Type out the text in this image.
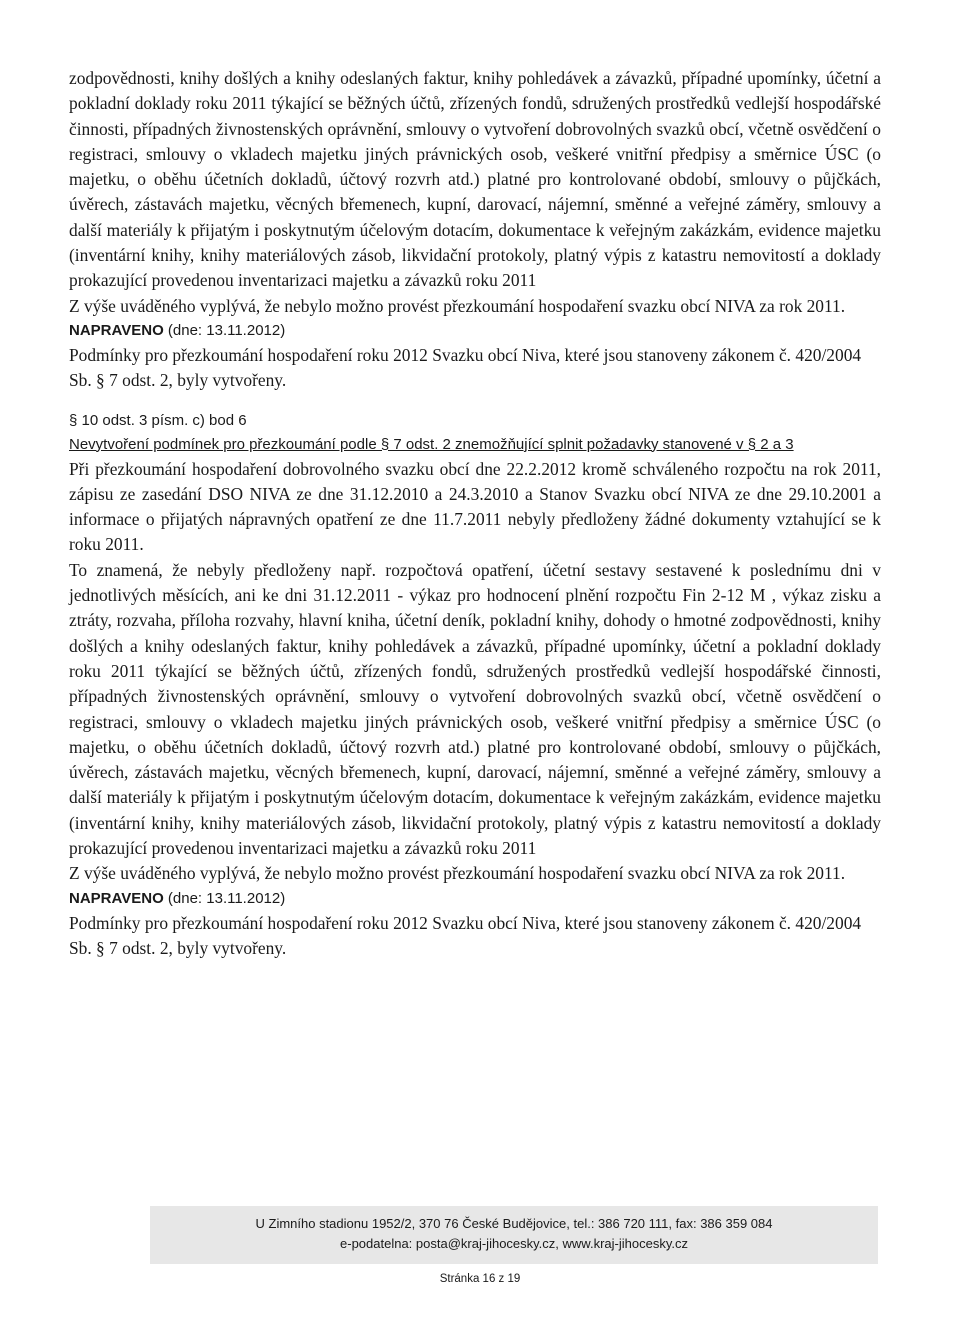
zodpovědnosti, knihy došlých a knihy odeslaných faktur, knihy pohledávek a závazků, případné upomínky, účetní a pokladní doklady roku 2011 týkající se běžných účtů, zřízených fondů, sdružených prostředků vedlejší hospodářské činnosti, případných živnostenských oprávnění, smlouvy o vytvoření dobrovolných svazků obcí, včetně osvědčení o registraci, smlouvy o vkladech majetku jiných právnických osob, veškeré vnitřní předpisy a směrnice ÚSC (o majetku, o oběhu účetních dokladů, účtový rozvrh atd.) platné pro kontrolované období, smlouvy o půjčkách, úvěrech, zástavách majetku, věcných břemenech, kupní, darovací, nájemní, směnné a veřejné záměry, smlouvy a další materiály k přijatým i poskytnutým účelovým dotacím, dokumentace k veřejným zakázkám, evidence majetku (inventární knihy, knihy materiálových zásob, likvidační protokoly, platný výpis z katastru nemovitostí a doklady prokazující provedenou inventarizaci majetku a závazků roku 2011

Z výše uváděného vyplývá, že nebylo možno provést přezkoumání hospodaření svazku obcí NIVA za rok 2011.

NAPRAVENO (dne: 13.11.2012)

Podmínky pro přezkoumání hospodaření roku 2012 Svazku obcí Niva, které jsou stanoveny zákonem č. 420/2004 Sb. § 7 odst. 2, byly vytvořeny.

§ 10 odst. 3 písm. c) bod 6

Nevytvoření podmínek pro přezkoumání podle § 7 odst. 2 znemožňující splnit požadavky stanovené v § 2 a 3

Při přezkoumání hospodaření dobrovolného svazku obcí dne 22.2.2012 kromě schváleného rozpočtu na rok 2011, zápisu ze zasedání DSO NIVA ze dne 31.12.2010 a 24.3.2010 a Stanov Svazku obcí NIVA ze dne 29.10.2001 a informace o přijatých nápravných opatření ze dne 11.7.2011 nebyly předloženy žádné dokumenty vztahující se k roku 2011.

To znamená, že nebyly předloženy např. rozpočtová opatření, účetní sestavy sestavené k poslednímu dni v jednotlivých měsících, ani ke dni 31.12.2011 - výkaz pro hodnocení plnění rozpočtu Fin 2-12 M , výkaz zisku a ztráty, rozvaha, příloha rozvahy, hlavní kniha, účetní deník, pokladní knihy, dohody o hmotné zodpovědnosti, knihy došlých a knihy odeslaných faktur, knihy pohledávek a závazků, případné upomínky, účetní a pokladní doklady roku 2011 týkající se běžných účtů, zřízených fondů, sdružených prostředků vedlejší hospodářské činnosti, případných živnostenských oprávnění, smlouvy o vytvoření dobrovolných svazků obcí, včetně osvědčení o registraci, smlouvy o vkladech majetku jiných právnických osob, veškeré vnitřní předpisy a směrnice ÚSC (o majetku, o oběhu účetních dokladů, účtový rozvrh atd.) platné pro kontrolované období, smlouvy o půjčkách, úvěrech, zástavách majetku, věcných břemenech, kupní, darovací, nájemní, směnné a veřejné záměry, smlouvy a další materiály k přijatým i poskytnutým účelovým dotacím, dokumentace k veřejným zakázkám, evidence majetku (inventární knihy, knihy materiálových zásob, likvidační protokoly, platný výpis z katastru nemovitostí a doklady prokazující provedenou inventarizaci majetku a závazků roku 2011

Z výše uváděného vyplývá, že nebylo možno provést přezkoumání hospodaření svazku obcí NIVA za rok 2011.

NAPRAVENO (dne: 13.11.2012)

Podmínky pro přezkoumání hospodaření roku 2012 Svazku obcí Niva, které jsou stanoveny zákonem č. 420/2004 Sb. § 7 odst. 2, byly vytvořeny.

U Zimního stadionu 1952/2, 370 76 České Budějovice, tel.: 386 720 111, fax: 386 359 084
e-podatelna: posta@kraj-jihocesky.cz, www.kraj-jihocesky.cz
Stránka 16 z 19
